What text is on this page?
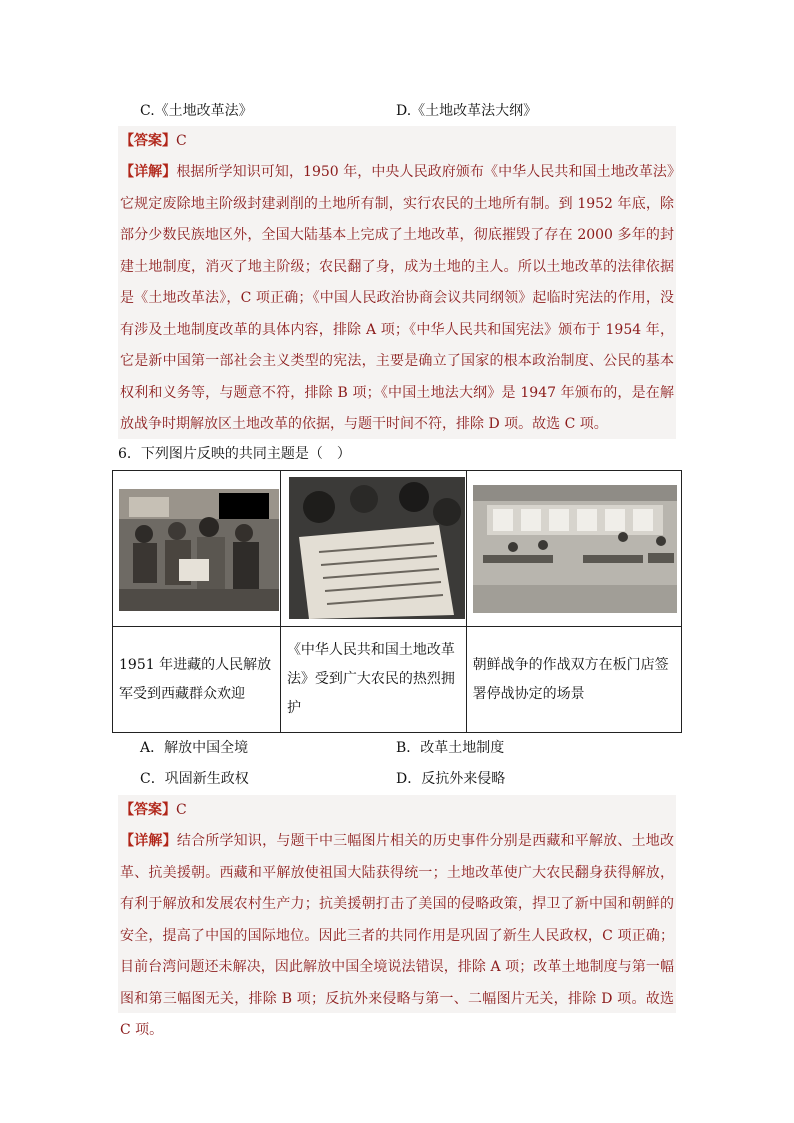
C.《土地改革法》	D.《土地改革法大纲》
【答案】C
【详解】根据所学知识可知，1950 年，中央人民政府颁布《中华人民共和国土地改革法》它规定废除地主阶级封建剥削的土地所有制，实行农民的土地所有制。到 1952 年底，除部分少数民族地区外，全国大陆基本上完成了土地改革，彻底摧毁了存在 2000 多年的封建土地制度，消灭了地主阶级；农民翻了身，成为土地的主人。所以土地改革的法律依据是《土地改革法》，C 项正确；《中国人民政治协商会议共同纲领》起临时宪法的作用，没有涉及土地制度改革的具体内容，排除 A 项；《中华人民共和国宪法》颁布于 1954 年，它是新中国第一部社会主义类型的宪法，主要是确立了国家的根本政治制度、公民的基本权利和义务等，与题意不符，排除 B 项；《中国土地法大纲》是 1947 年颁布的，是在解放战争时期解放区土地改革的依据，与题干时间不符，排除 D 项。故选 C 项。
6．下列图片反映的共同主题是（　）

1951 年进藏的人民解放军受到西藏群众欢迎	《中华人民共和国土地改革法》受到广大农民的热烈拥护	朝鲜战争的作战双方在板门店签署停战协定的场景
A．解放中国全境	B．改革土地制度
C．巩固新生政权	D．反抗外来侵略
【答案】C
【详解】结合所学知识，与题干中三幅图片相关的历史事件分别是西藏和平解放、土地改革、抗美援朝。西藏和平解放使祖国大陆获得统一；土地改革使广大农民翻身获得解放，有利于解放和发展农村生产力；抗美援朝打击了美国的侵略政策，捍卫了新中国和朝鲜的安全，提高了中国的国际地位。因此三者的共同作用是巩固了新生人民政权，C 项正确；目前台湾问题还未解决，因此解放中国全境说法错误，排除 A 项；改革土地制度与第一幅图和第三幅图无关，排除 B 项；反抗外来侵略与第一、二幅图片无关，排除 D 项。故选 C 项。
